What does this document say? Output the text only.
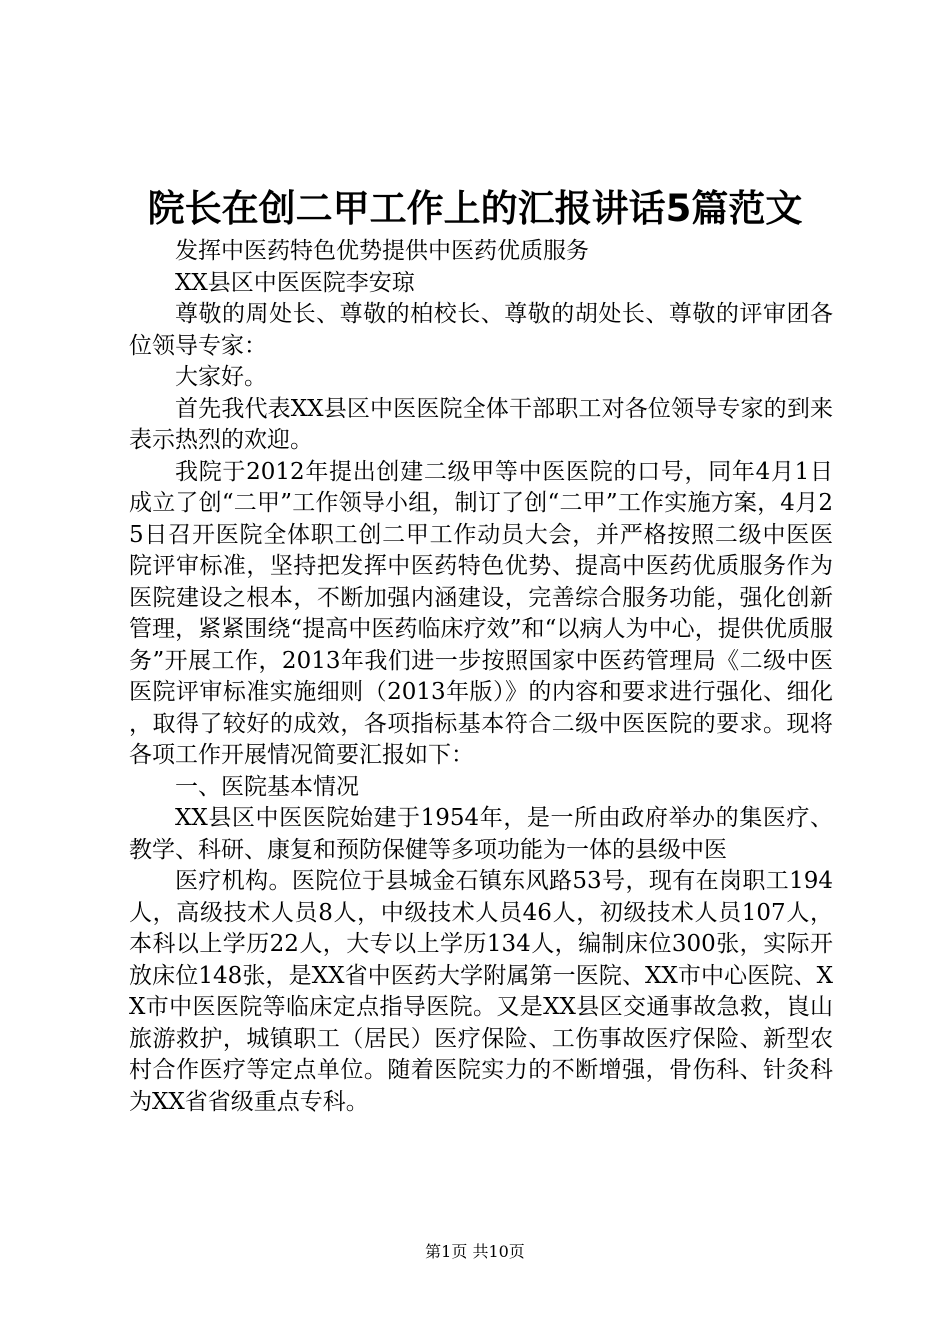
院长在创二甲工作上的汇报讲话5篇范文

发挥中医药特色优势提供中医药优质服务

XX县区中医医院李安琼

尊敬的周处长、尊敬的柏校长、尊敬的胡处长、尊敬的评审团各位领导专家：

大家好。

首先我代表XX县区中医医院全体干部职工对各位领导专家的到来表示热烈的欢迎。

我院于2012年提出创建二级甲等中医医院的口号，同年4月1日成立了创“二甲”工作领导小组，制订了创“二甲”工作实施方案，4月25日召开医院全体职工创二甲工作动员大会，并严格按照二级中医医院评审标准，坚持把发挥中医药特色优势、提高中医药优质服务作为医院建设之根本，不断加强内涵建设，完善综合服务功能，强化创新管理，紧紧围绕“提高中医药临床疗效”和“以病人为中心，提供优质服务”开展工作，2013年我们进一步按照国家中医药管理局《二级中医医院评审标准实施细则（2013年版）》的内容和要求进行强化、细化，取得了较好的成效，各项指标基本符合二级中医医院的要求。现将各项工作开展情况简要汇报如下：

一、医院基本情况

XX县区中医医院始建于1954年，是一所由政府举办的集医疗、教学、科研、康复和预防保健等多项功能为一体的县级中医

医疗机构。医院位于县城金石镇东风路53号，现有在岗职工194人，高级技术人员8人，中级技术人员46人，初级技术人员107人，本科以上学历22人，大专以上学历134人，编制床位300张，实际开放床位148张，是XX省中医药大学附属第一医院、XX市中心医院、XX市中医医院等临床定点指导医院。又是XX县区交通事故急救，崀山旅游救护，城镇职工（居民）医疗保险、工伤事故医疗保险、新型农村合作医疗等定点单位。随着医院实力的不断增强，骨伤科、针灸科为XX省省级重点专科。

第1页 共10页
